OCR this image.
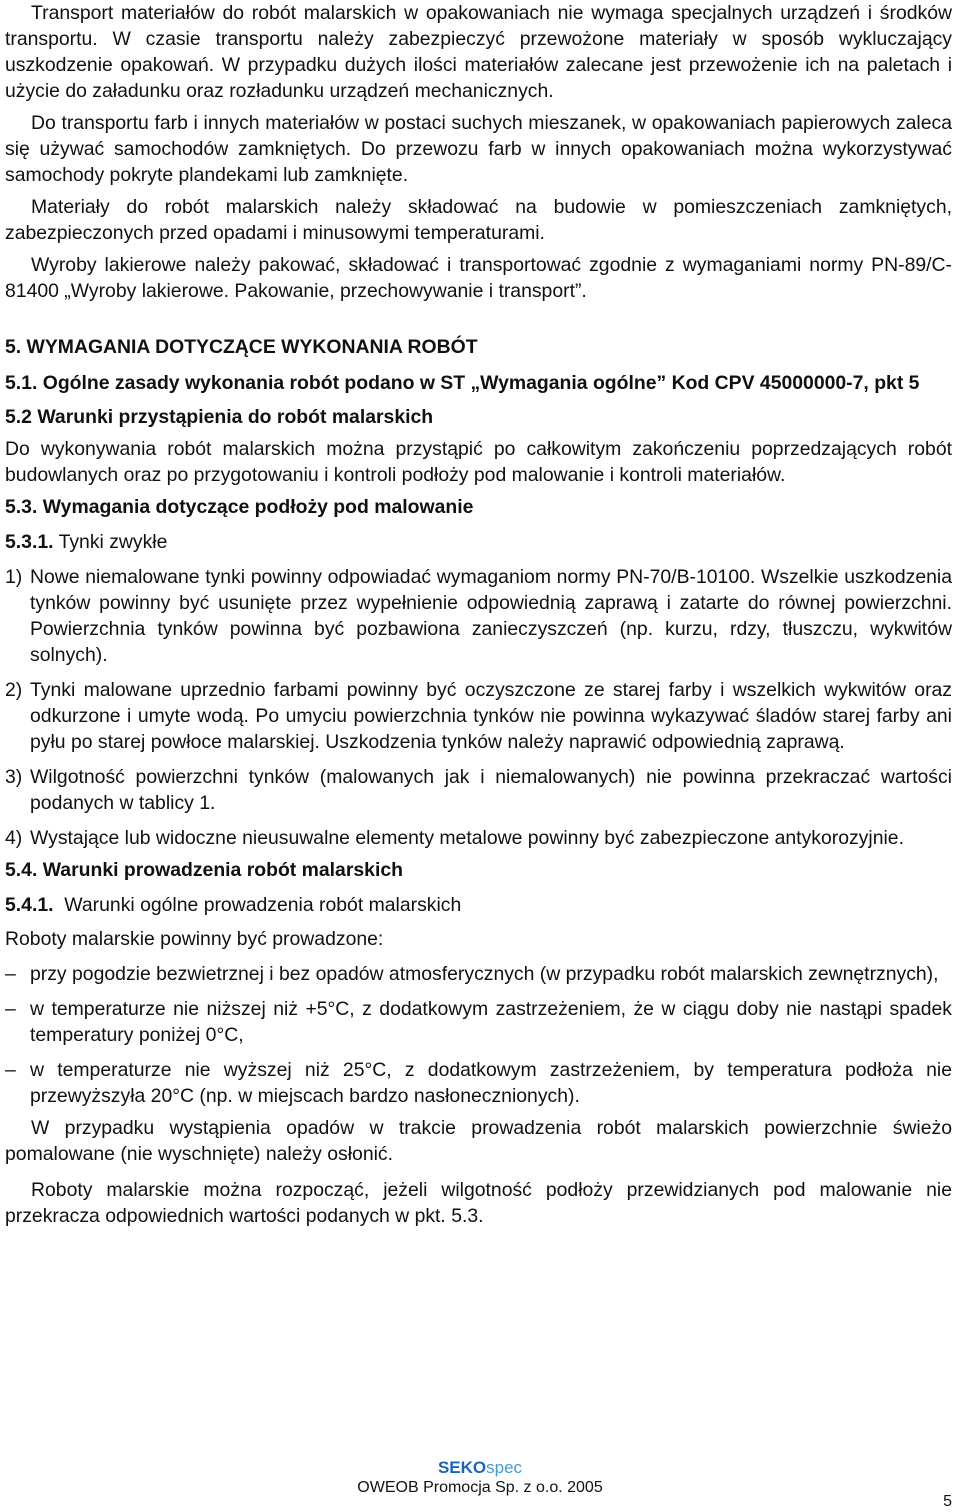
Transport materiałów do robót malarskich w opakowaniach nie wymaga specjalnych urządzeń i środków transportu. W czasie transportu należy zabezpieczyć przewożone materiały w sposób wykluczający uszkodzenie opakowań. W przypadku dużych ilości materiałów zalecane jest przewożenie ich na paletach i użycie do załadunku oraz rozładunku urządzeń mechanicznych.

Do transportu farb i innych materiałów w postaci suchych mieszanek, w opakowaniach papierowych zaleca się używać samochodów zamkniętych. Do przewozu farb w innych opakowaniach można wykorzystywać samochody pokryte plandekami lub zamknięte.

Materiały do robót malarskich należy składować na budowie w pomieszczeniach zamkniętych, zabezpieczonych przed opadami i minusowymi temperaturami.

Wyroby lakierowe należy pakować, składować i transportować zgodnie z wymaganiami normy PN-89/C-81400 „Wyroby lakierowe. Pakowanie, przechowywanie i transport”.

5. WYMAGANIA DOTYCZĄCE WYKONANIA ROBÓT
5.1. Ogólne zasady wykonania robót podano w ST „Wymagania ogólne” Kod CPV 45000000-7, pkt 5
5.2 Warunki przystąpienia do robót malarskich

Do wykonywania robót malarskich można przystąpić po całkowitym zakończeniu poprzedzających robót budowlanych oraz po przygotowaniu i kontroli podłoży pod malowanie i kontroli materiałów.

5.3. Wymagania dotyczące podłoży pod malowanie

5.3.1. Tynki zwykłe

1) Nowe niemalowane tynki powinny odpowiadać wymaganiom normy PN-70/B-10100. Wszelkie uszkodzenia tynków powinny być usunięte przez wypełnienie odpowiednią zaprawą i zatarte do równej powierzchni. Powierzchnia tynków powinna być pozbawiona zanieczyszczeń (np. kurzu, rdzy, tłuszczu, wykwitów solnych).
2) Tynki malowane uprzednio farbami powinny być oczyszczone ze starej farby i wszelkich wykwitów oraz odkurzone i umyte wodą. Po umyciu powierzchnia tynków nie powinna wykazywać śladów starej farby ani pyłu po starej powłoce malarskiej. Uszkodzenia tynków należy naprawić odpowiednią zaprawą.
3) Wilgotność powierzchni tynków (malowanych jak i niemalowanych) nie powinna przekraczać wartości podanych w tablicy 1.
4) Wystające lub widoczne nieusuwalne elementy metalowe powinny być zabezpieczone antykorozyjnie.
5.4. Warunki prowadzenia robót malarskich

5.4.1. Warunki ogólne prowadzenia robót malarskich

Roboty malarskie powinny być prowadzone:

– przy pogodzie bezwietrznej i bez opadów atmosferycznych (w przypadku robót malarskich zewnętrznych),
– w temperaturze nie niższej niż +5°C, z dodatkowym zastrzeżeniem, że w ciągu doby nie nastąpi spadek temperatury poniżej 0°C,
– w temperaturze nie wyższej niż 25°C, z dodatkowym zastrzeżeniem, by temperatura podłoża nie przewyższyła 20°C (np. w miejscach bardzo nasłonecznionych).

W przypadku wystąpienia opadów w trakcie prowadzenia robót malarskich powierzchnie świeżo pomalowane (nie wyschnięte) należy osłonić.

Roboty malarskie można rozpocząć, jeżeli wilgotność podłoży przewidzianych pod malowanie nie przekracza odpowiednich wartości podanych w pkt. 5.3.

SEKOspec
OWEOB Promocja Sp. z o.o. 2005
5
